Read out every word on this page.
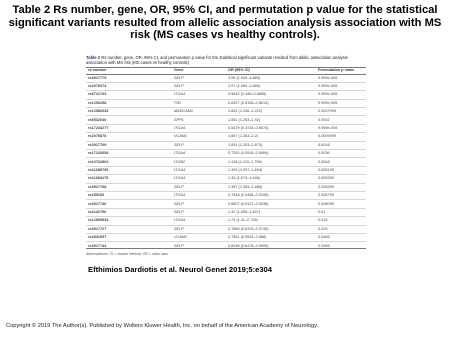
Table 2 Rs number, gene, OR, 95% CI, and permutation p value for the statistical significant variants resulted from allelic association analysis association with MS risk (MS cases vs healthy controls).
Table 2 Rs number, gene, OR, 95% CI, and permutation p value for the statistical significant variants resulted from allelic association analysis association with MS risk (MS cases vs healthy controls)
rs number	Gene	OR (95% CI)	Permutation p value
rs3917779	SELP	3.08 (1.943–4.883)	9.999e-005
rs2076074	SELP	2.07 (1.594–2.689)	9.999e-005
rs6721763	ITGA4	0.5542 (0.448–0.6855)	9.999e-005
rs1250258	FN1	0.6427 (0.5155–0.8013)	9.999e-005
rs12982646	MADCAM1	1.661 (1.246–2.212)	0.0007999
rs6532040	SPP1	1.551 (1.253–1.92)	0.0002
rs17234277	ITGA4	0.5479 (0.3718–0.8074)	9.999e-005
rs2076878	VCAM1	1.667 (1.263–2.2)	0.0009999
rs3917709	SELP	1.831 (1.293–2.673)	0.0018
rs17225354	ITGA4	0.7332 (0.5918–0.9084)	0.0036
rs10762802	ITGB2	1.418 (1.119–1.796)	0.0048
rs11689739	ITGA4	1.363 (1.097–1.694)	0.005199
rs11684175	ITGA4	1.33 (1.074–1.646)	0.005399
rs3917768	SELP	1.357 (1.083–1.685)	0.005299
rs155183	ITGA4	0.7548 (0.5454–0.9108)	0.005799
rs3917740	SELP	0.6807 (0.5127–0.9038)	0.008099
rs2142760	SELP	1.32 (1.059–1.647)	0.01
rs12808934	ITGA4	1.74 (1.11–2.728)	0.018
rs3917727	SELP	0.7865 (0.6376–0.9745)	0.029
rs2831657	VCAM1	0.7551 (0.5524–0.988)	0.0465
rs3917744	SELP	0.8048 (0.6478–0.9999)	0.0485
Abbreviations: CI = cluster interval; OR = odds ratio.
Efthimios Dardiotis et al. Neurol Genet 2019;5:e304
Copyright © 2019 The Author(s). Published by Wolters Kluwer Health, Inc. on behalf of the American Academy of Neurology.
